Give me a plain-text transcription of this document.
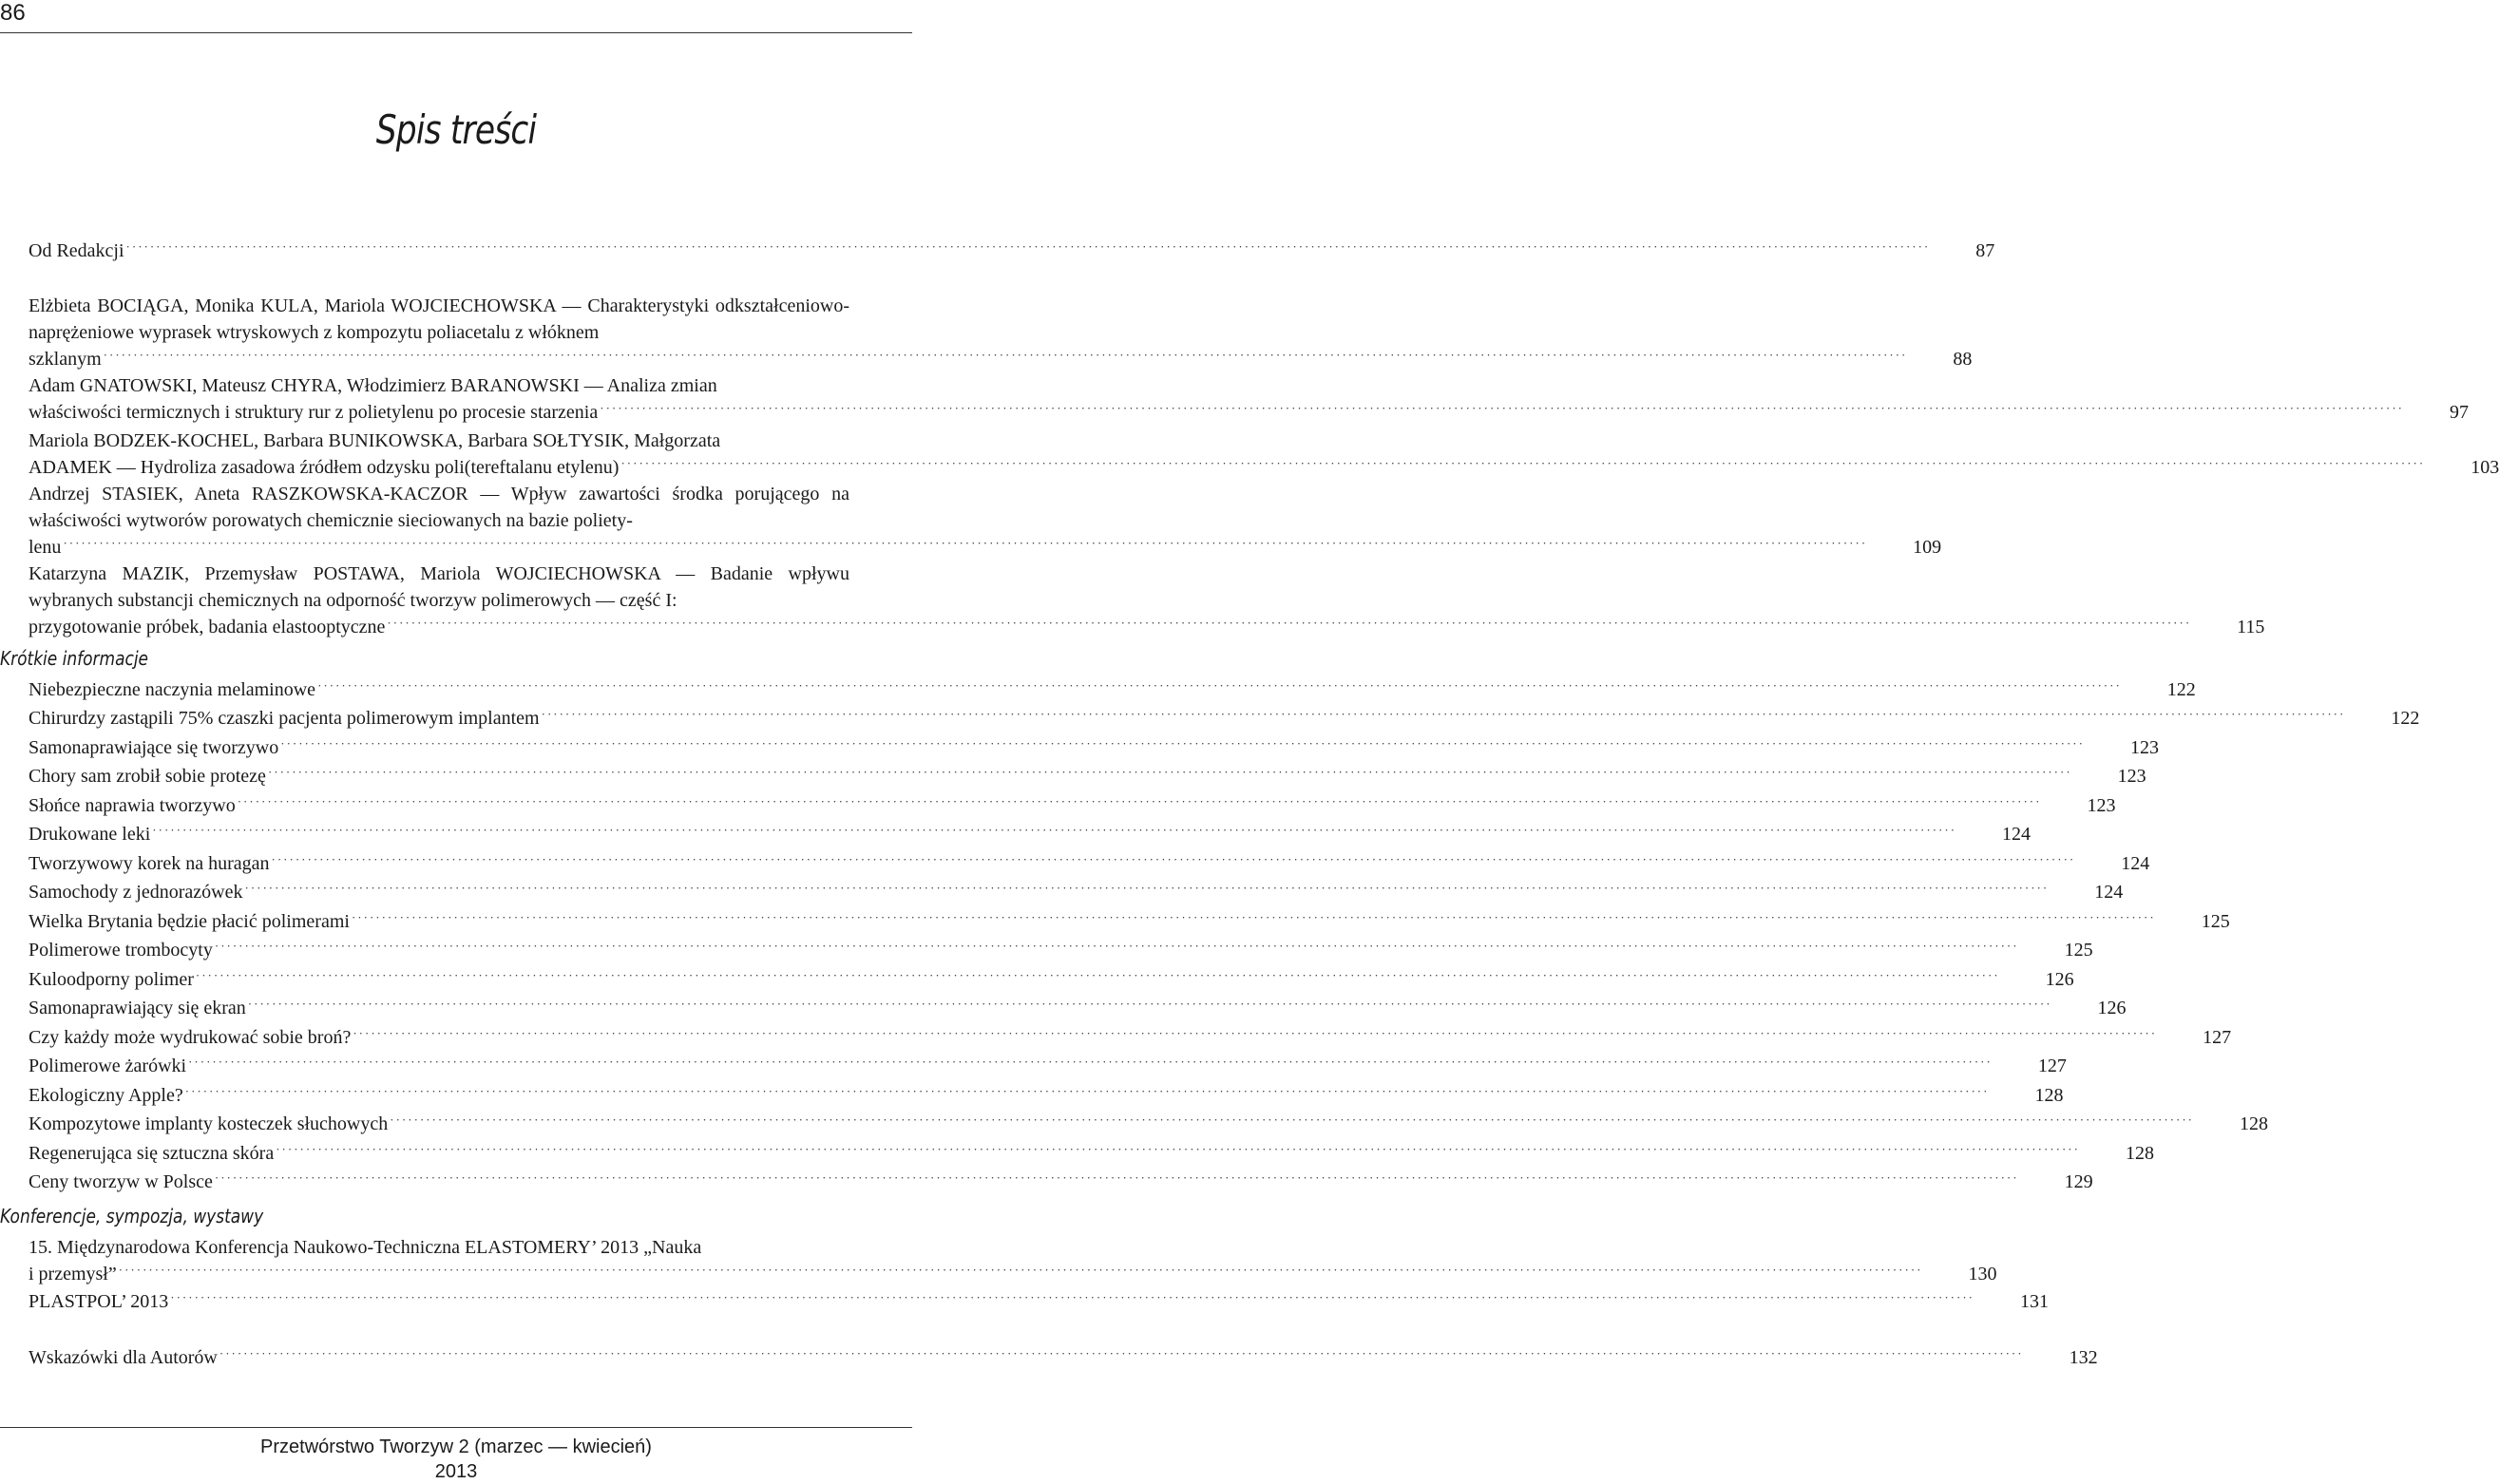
86
Spis treści
Od Redakcji ············································································································································································································································································································ 87
Elżbieta BOCIĄGA, Monika KULA, Mariola WOJCIECHOWSKA — Charakterystyki odkształceniowo-naprężeniowe wyprasek wtryskowych z kompozytu poliacetalu z włóknem
szklanym ············································································································································································································································································································ 88
Adam GNATOWSKI, Mateusz CHYRA, Włodzimierz BARANOWSKI — Analiza zmian
właściwości termicznych i struktury rur z polietylenu po procesie starzenia ············································································································································································································································································································ 97
Mariola BODZEK-KOCHEL, Barbara BUNIKOWSKA, Barbara SOŁTYSIK, Małgorzata
ADAMEK — Hydroliza zasadowa źródłem odzysku poli(tereftalanu etylenu) ············································································································································································································································································································ 103
Andrzej STASIEK, Aneta RASZKOWSKA-KACZOR — Wpływ zawartości środka porującego na właściwości wytworów porowatych chemicznie sieciowanych na bazie poliety-
lenu ············································································································································································································································································································ 109
Katarzyna MAZIK, Przemysław POSTAWA, Mariola WOJCIECHOWSKA — Badanie wpływu wybranych substancji chemicznych na odporność tworzyw polimerowych — część I:
przygotowanie próbek, badania elastooptyczne ············································································································································································································································································································ 115
Niebezpieczne naczynia melaminowe ············································································································································································································································································································ 122
Chirurdzy zastąpili 75% czaszki pacjenta polimerowym implantem ············································································································································································································································································································ 122
Samonaprawiające się tworzywo ············································································································································································································································································································ 123
Chory sam zrobił sobie protezę ············································································································································································································································································································ 123
Słońce naprawia tworzywo ············································································································································································································································································································ 123
Drukowane leki ············································································································································································································································································································ 124
Tworzywowy korek na huragan ············································································································································································································································································································ 124
Samochody z jednorazówek ············································································································································································································································································································ 124
Wielka Brytania będzie płacić polimerami ············································································································································································································································································································ 125
Polimerowe trombocyty ············································································································································································································································································································ 125
Kuloodporny polimer ············································································································································································································································································································ 126
Samonaprawiający się ekran ············································································································································································································································································································ 126
Czy każdy może wydrukować sobie broń? ············································································································································································································································································································ 127
Polimerowe żarówki ············································································································································································································································································································ 127
Ekologiczny Apple? ············································································································································································································································································································ 128
Kompozytowe implanty kosteczek słuchowych ············································································································································································································································································································ 128
Regenerująca się sztuczna skóra ············································································································································································································································································································ 128
Ceny tworzyw w Polsce ············································································································································································································································································································ 129
15. Międzynarodowa Konferencja Naukowo-Techniczna ELASTOMERY’ 2013 „Nauka
i przemysł” ············································································································································································································································································································ 130
PLASTPOL’ 2013 ············································································································································································································································································································ 131
Wskazówki dla Autorów ············································································································································································································································································································ 132
Krótkie informacje
Konferencje, sympozja, wystawy
Przetwórstwo Tworzyw 2 (marzec — kwiecień) 2013
